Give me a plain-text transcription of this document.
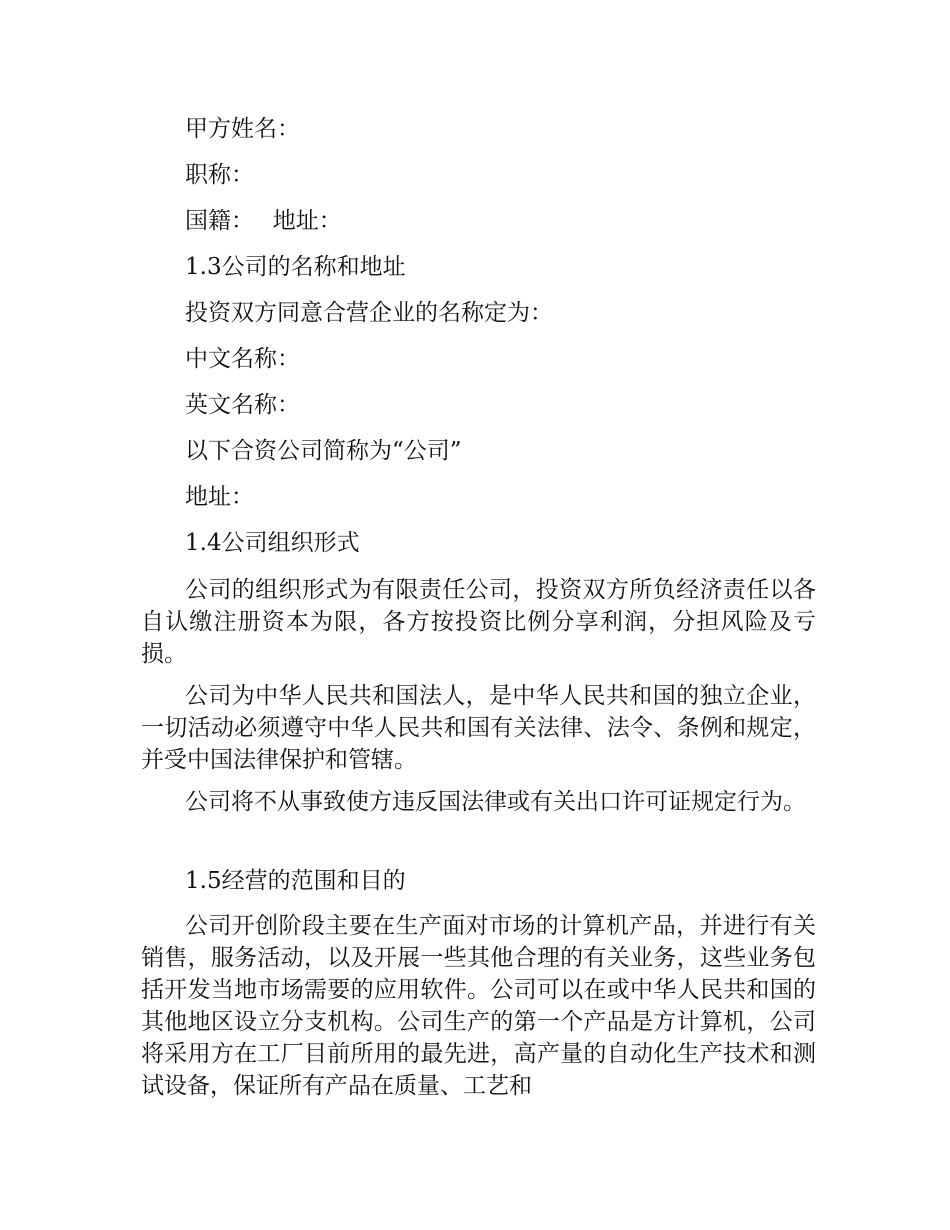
甲方姓名：
职称：
国籍：　 地址：
1.3公司的名称和地址
投资双方同意合营企业的名称定为：
中文名称：
英文名称：
以下合资公司简称为“公司”
地址：
1.4公司组织形式

公司的组织形式为有限责任公司，投资双方所负经济责任以各自认缴注册资本为限，各方按投资比例分享利润，分担风险及亏损。

公司为中华人民共和国法人，是中华人民共和国的独立企业，一切活动必须遵守中华人民共和国有关法律、法令、条例和规定，并受中国法律保护和管辖。

公司将不从事致使方违反国法律或有关出口许可证规定行为。

1.5经营的范围和目的

公司开创阶段主要在生产面对市场的计算机产品，并进行有关销售，服务活动，以及开展一些其他合理的有关业务，这些业务包括开发当地市场需要的应用软件。公司可以在或中华人民共和国的其他地区设立分支机构。公司生产的第一个产品是方计算机，公司将采用方在工厂目前所用的最先进，高产量的自动化生产技术和测试设备，保证所有产品在质量、工艺和
